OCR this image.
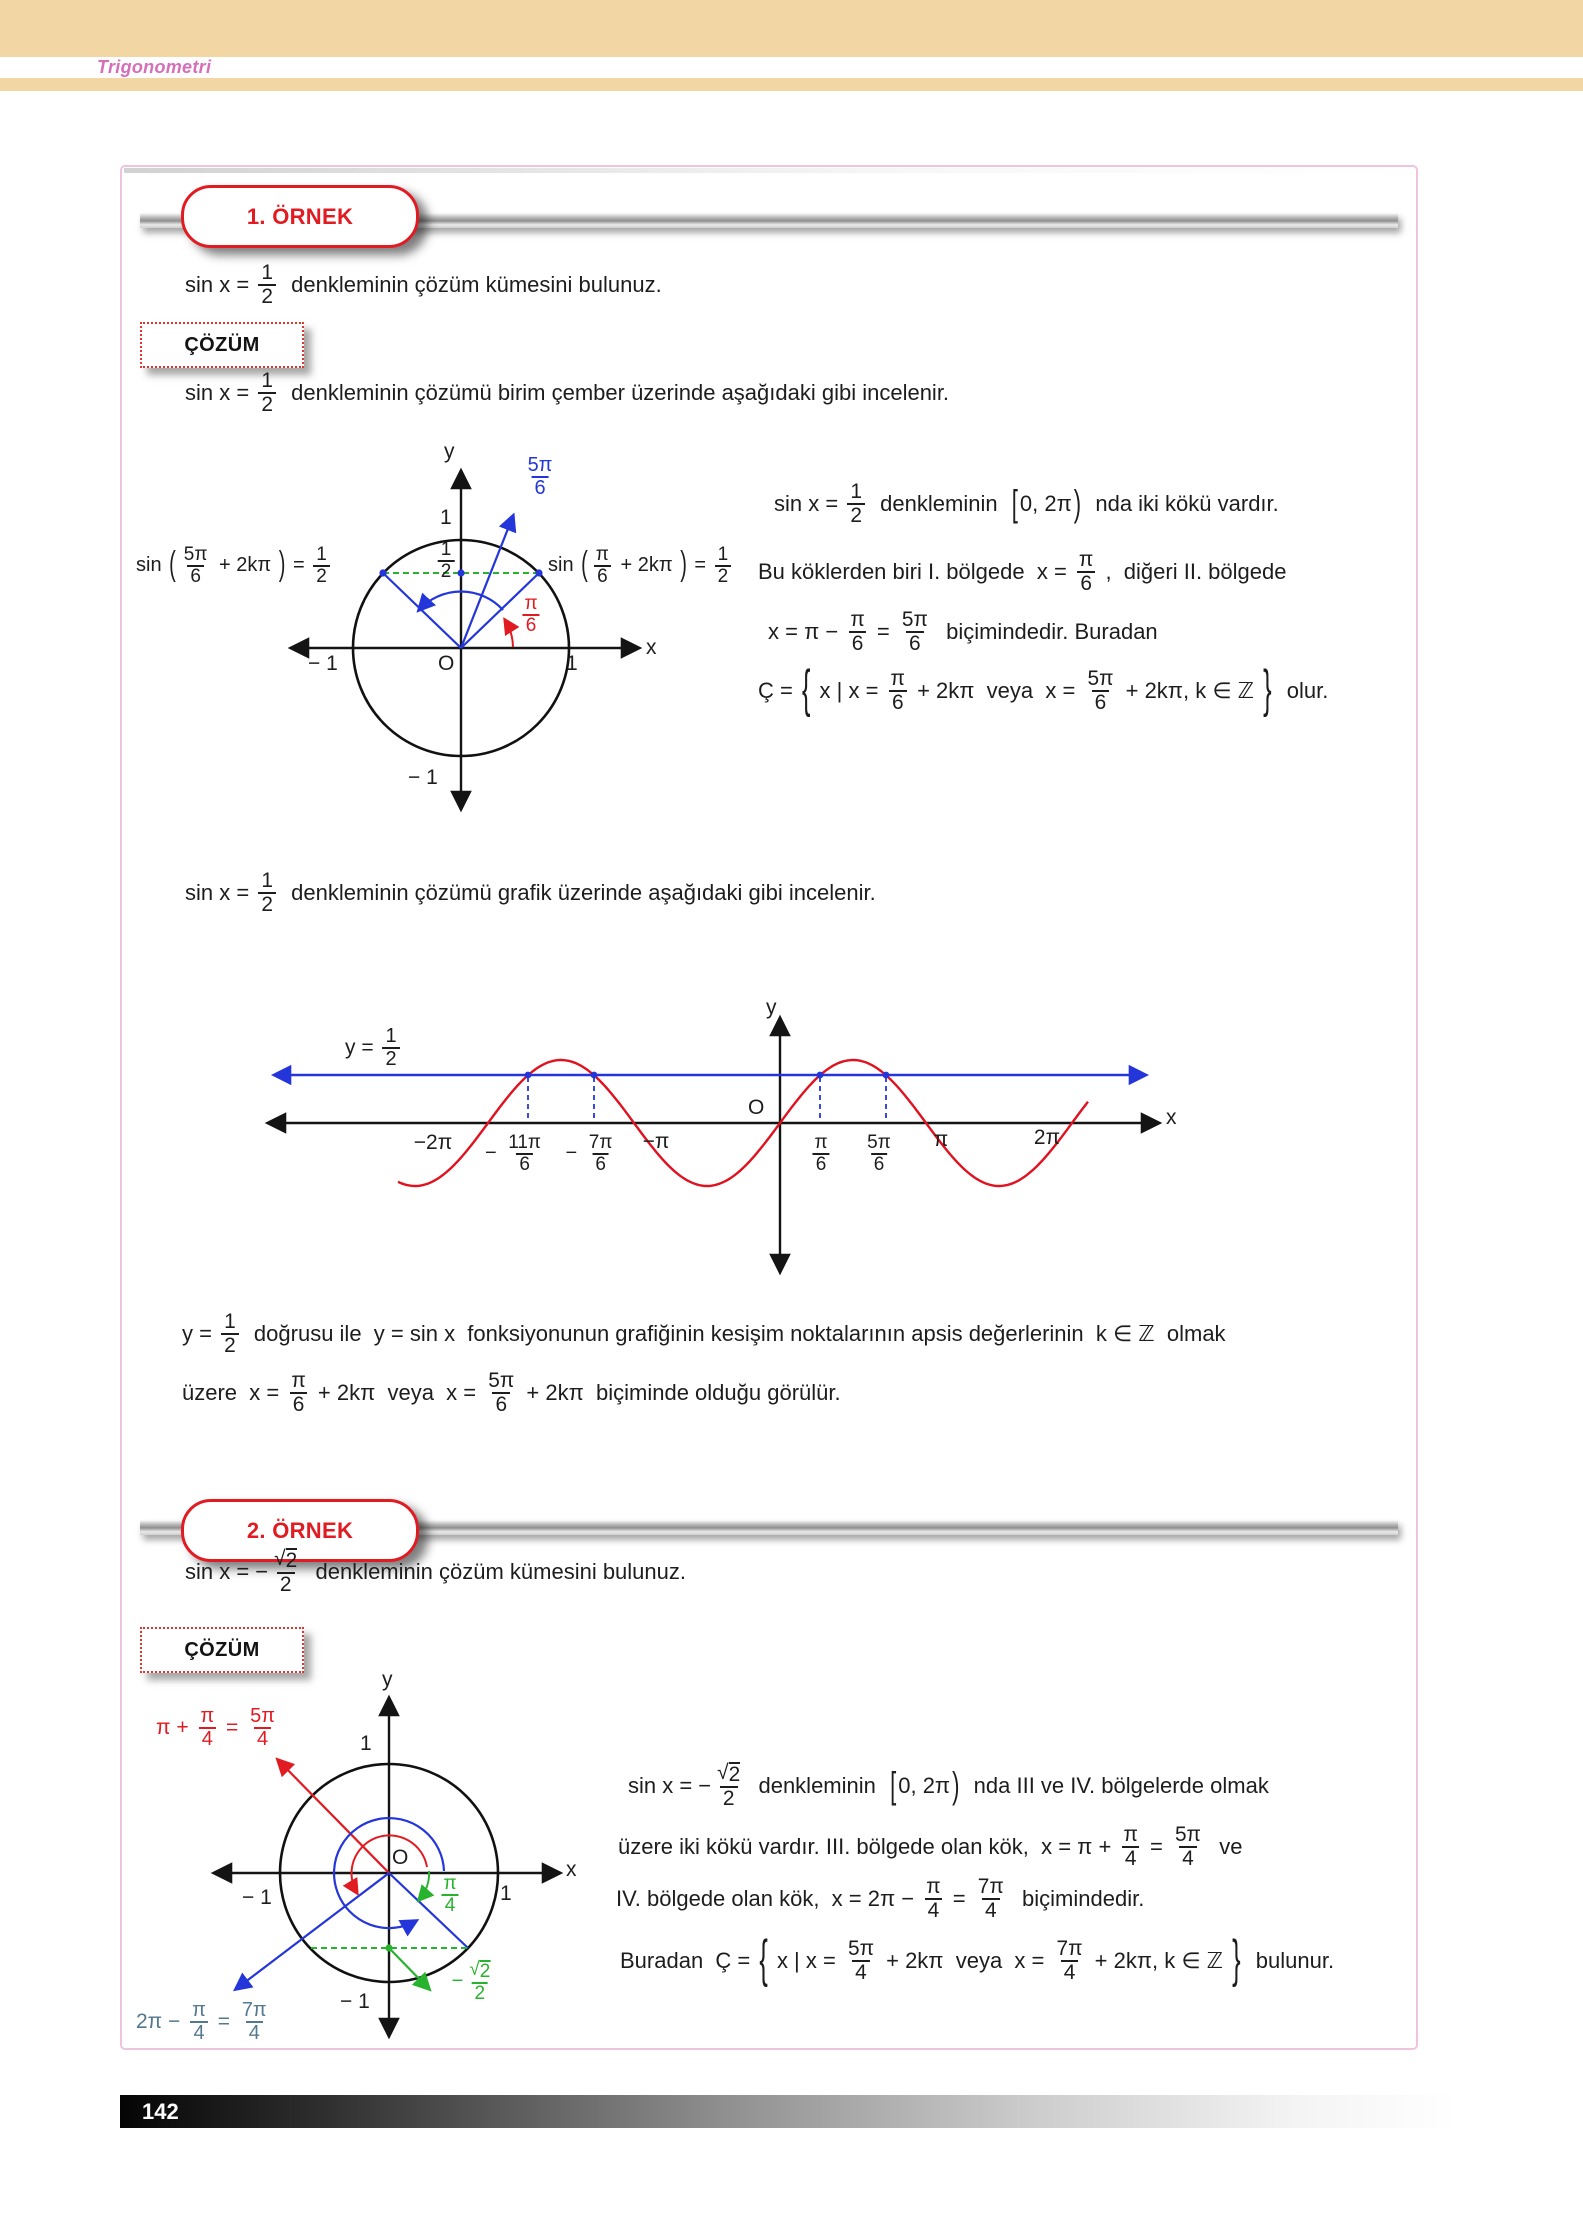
Trigonometri
1. ÖRNEK
$\sin x = \frac{1}{2}$ denkleminin çözüm kümesini bulunuz.
ÇÖZÜM
$\sin x = \frac{1}{2}$ denkleminin çözümü birim çember üzerinde aşağıdaki gibi incelenir.
y
x
1
1
− 1
− 1
O
$\frac{1}{2}$
$\frac{5\pi}{6}$
$\frac{\pi}{6}$
sin ( $\frac{5\pi}{6} + 2k\pi$ ) = $\frac{1}{2}$	sin ( $\frac{\pi}{6} + 2k\pi$ ) = $\frac{1}{2}$
$\sin x = \frac{1}{2}$ denkleminin [ 0, 2π ) nda iki kökü vardır.
Bu köklerden biri I. bölgede  $x = \frac{\pi}{6}$ ,  diğeri II. bölgede
$x = \pi - \frac{\pi}{6} = \frac{5\pi}{6}$ biçimindedir. Buradan
Ç = { x | $x = \frac{\pi}{6} + 2k\pi$  veya  $x = \frac{5\pi}{6} + 2k\pi$, k ∈ ℤ } olur.
$\sin x = \frac{1}{2}$ denkleminin çözümü grafik üzerinde aşağıdaki gibi incelenir.
$y = \frac{1}{2}$
y
x
O
$-2\pi - \frac{11\pi}{6} - \frac{7\pi}{6} -\pi$	$\frac{\pi}{6} \frac{5\pi}{6}$ π	2π
$y = \frac{1}{2}$ doğrusu ile  y = sin x  fonksiyonunun grafiğinin kesişim noktalarının apsis değerlerinin  k ∈ ℤ  olmak
üzere  $x = \frac{\pi}{6} + 2k\pi$  veya  $x = \frac{5\pi}{6} + 2k\pi$  biçiminde olduğu görülür.
2. ÖRNEK
sin x = − $\frac{√ 2}{2}$ denkleminin çözüm kümesini bulunuz.
ÇÖZÜM
y
x
1
1
− 1
− 1
O
$\pi + \frac{\pi}{4} = \frac{5\pi}{4}$
$2\pi - \frac{\pi}{4} = \frac{7\pi}{4}$
$\frac{\pi}{4}$
− $\frac{√ 2}{2}$
sin x = − $\frac{√ 2}{2}$ denkleminin [ 0, 2π ) nda III ve IV. bölgelerde olmak
üzere iki kökü vardır. III. bölgede olan kök,  $x = \pi + \frac{\pi}{4} = \frac{5\pi}{4}$ ve
IV. bölgede olan kök,  $x = 2\pi - \frac{\pi}{4} = \frac{7\pi}{4}$ biçimindedir.
Buradan  Ç = { x | $x = \frac{5\pi}{4} + 2k\pi$  veya  $x = \frac{7\pi}{4} + 2k\pi$, k ∈ ℤ } bulunur.
142
